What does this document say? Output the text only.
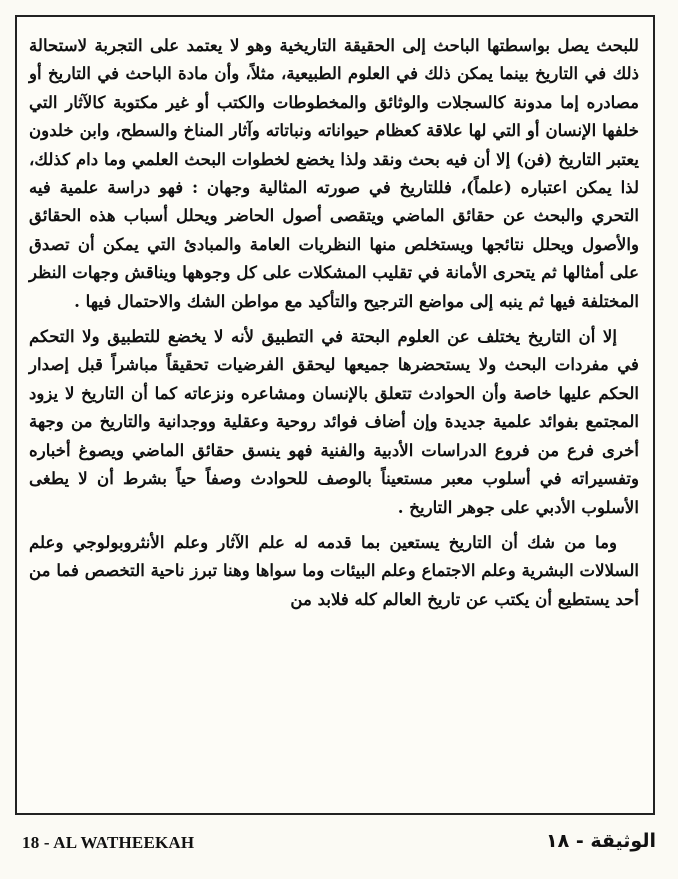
للبحث يصل بواسطتها الباحث إلى الحقيقة التاريخية وهو لا يعتمد على التجربة لاستحالة ذلك في التاريخ بينما يمكن ذلك في العلوم الطبيعية، مثلاً، وأن مادة الباحث في التاريخ أو مصادره إما مدونة كالسجلات والوثائق والمخطوطات والكتب أو غير مكتوبة كالآثار التي خلفها الإنسان أو التي لها علاقة كعظام حيواناته ونباتاته وآثار المناخ والسطح، وابن خلدون يعتبر التاريخ (فن) إلا أن فيه بحث ونقد ولذا يخضع لخطوات البحث العلمي وما دام كذلك، لذا يمكن اعتباره (علماً)، فللتاريخ في صورته المثالية وجهان : فهو دراسة علمية فيه التحري والبحث عن حقائق الماضي ويتقصى أصول الحاضر ويحلل أسباب هذه الحقائق والأصول ويحلل نتائجها ويستخلص منها النظريات العامة والمبادئ التي يمكن أن تصدق على أمثالها ثم يتحرى الأمانة في تقليب المشكلات على كل وجوهها ويناقش وجهات النظر المختلفة فيها ثم ينبه إلى مواضع الترجيح والتأكيد مع مواطن الشك والاحتمال فيها .

إلا أن التاريخ يختلف عن العلوم البحتة في التطبيق لأنه لا يخضع للتطبيق ولا التحكم في مفردات البحث ولا يستحضرها جميعها ليحقق الفرضيات تحقيقاً مباشراً قبل إصدار الحكم عليها خاصة وأن الحوادث تتعلق بالإنسان ومشاعره ونزعاته كما أن التاريخ لا يزود المجتمع بفوائد علمية جديدة وإن أضاف فوائد روحية وعقلية ووجدانية والتاريخ من وجهة أخرى فرع من فروع الدراسات الأدبية والفنية فهو ينسق حقائق الماضي ويصوغ أخباره وتفسيراته في أسلوب معبر مستعيناً بالوصف للحوادث وصفاً حياً بشرط أن لا يطغى الأسلوب الأدبي على جوهر التاريخ .

وما من شك أن التاريخ يستعين بما قدمه له علم الآثار وعلم الأنثروبولوجي وعلم السلالات البشرية وعلم الاجتماع وعلم البيئات وما سواها وهنا تبرز ناحية التخصص فما من أحد يستطيع أن يكتب عن تاريخ العالم كله فلابد من

18 - AL WATHEEKAH	الوثيقة - ١٨
